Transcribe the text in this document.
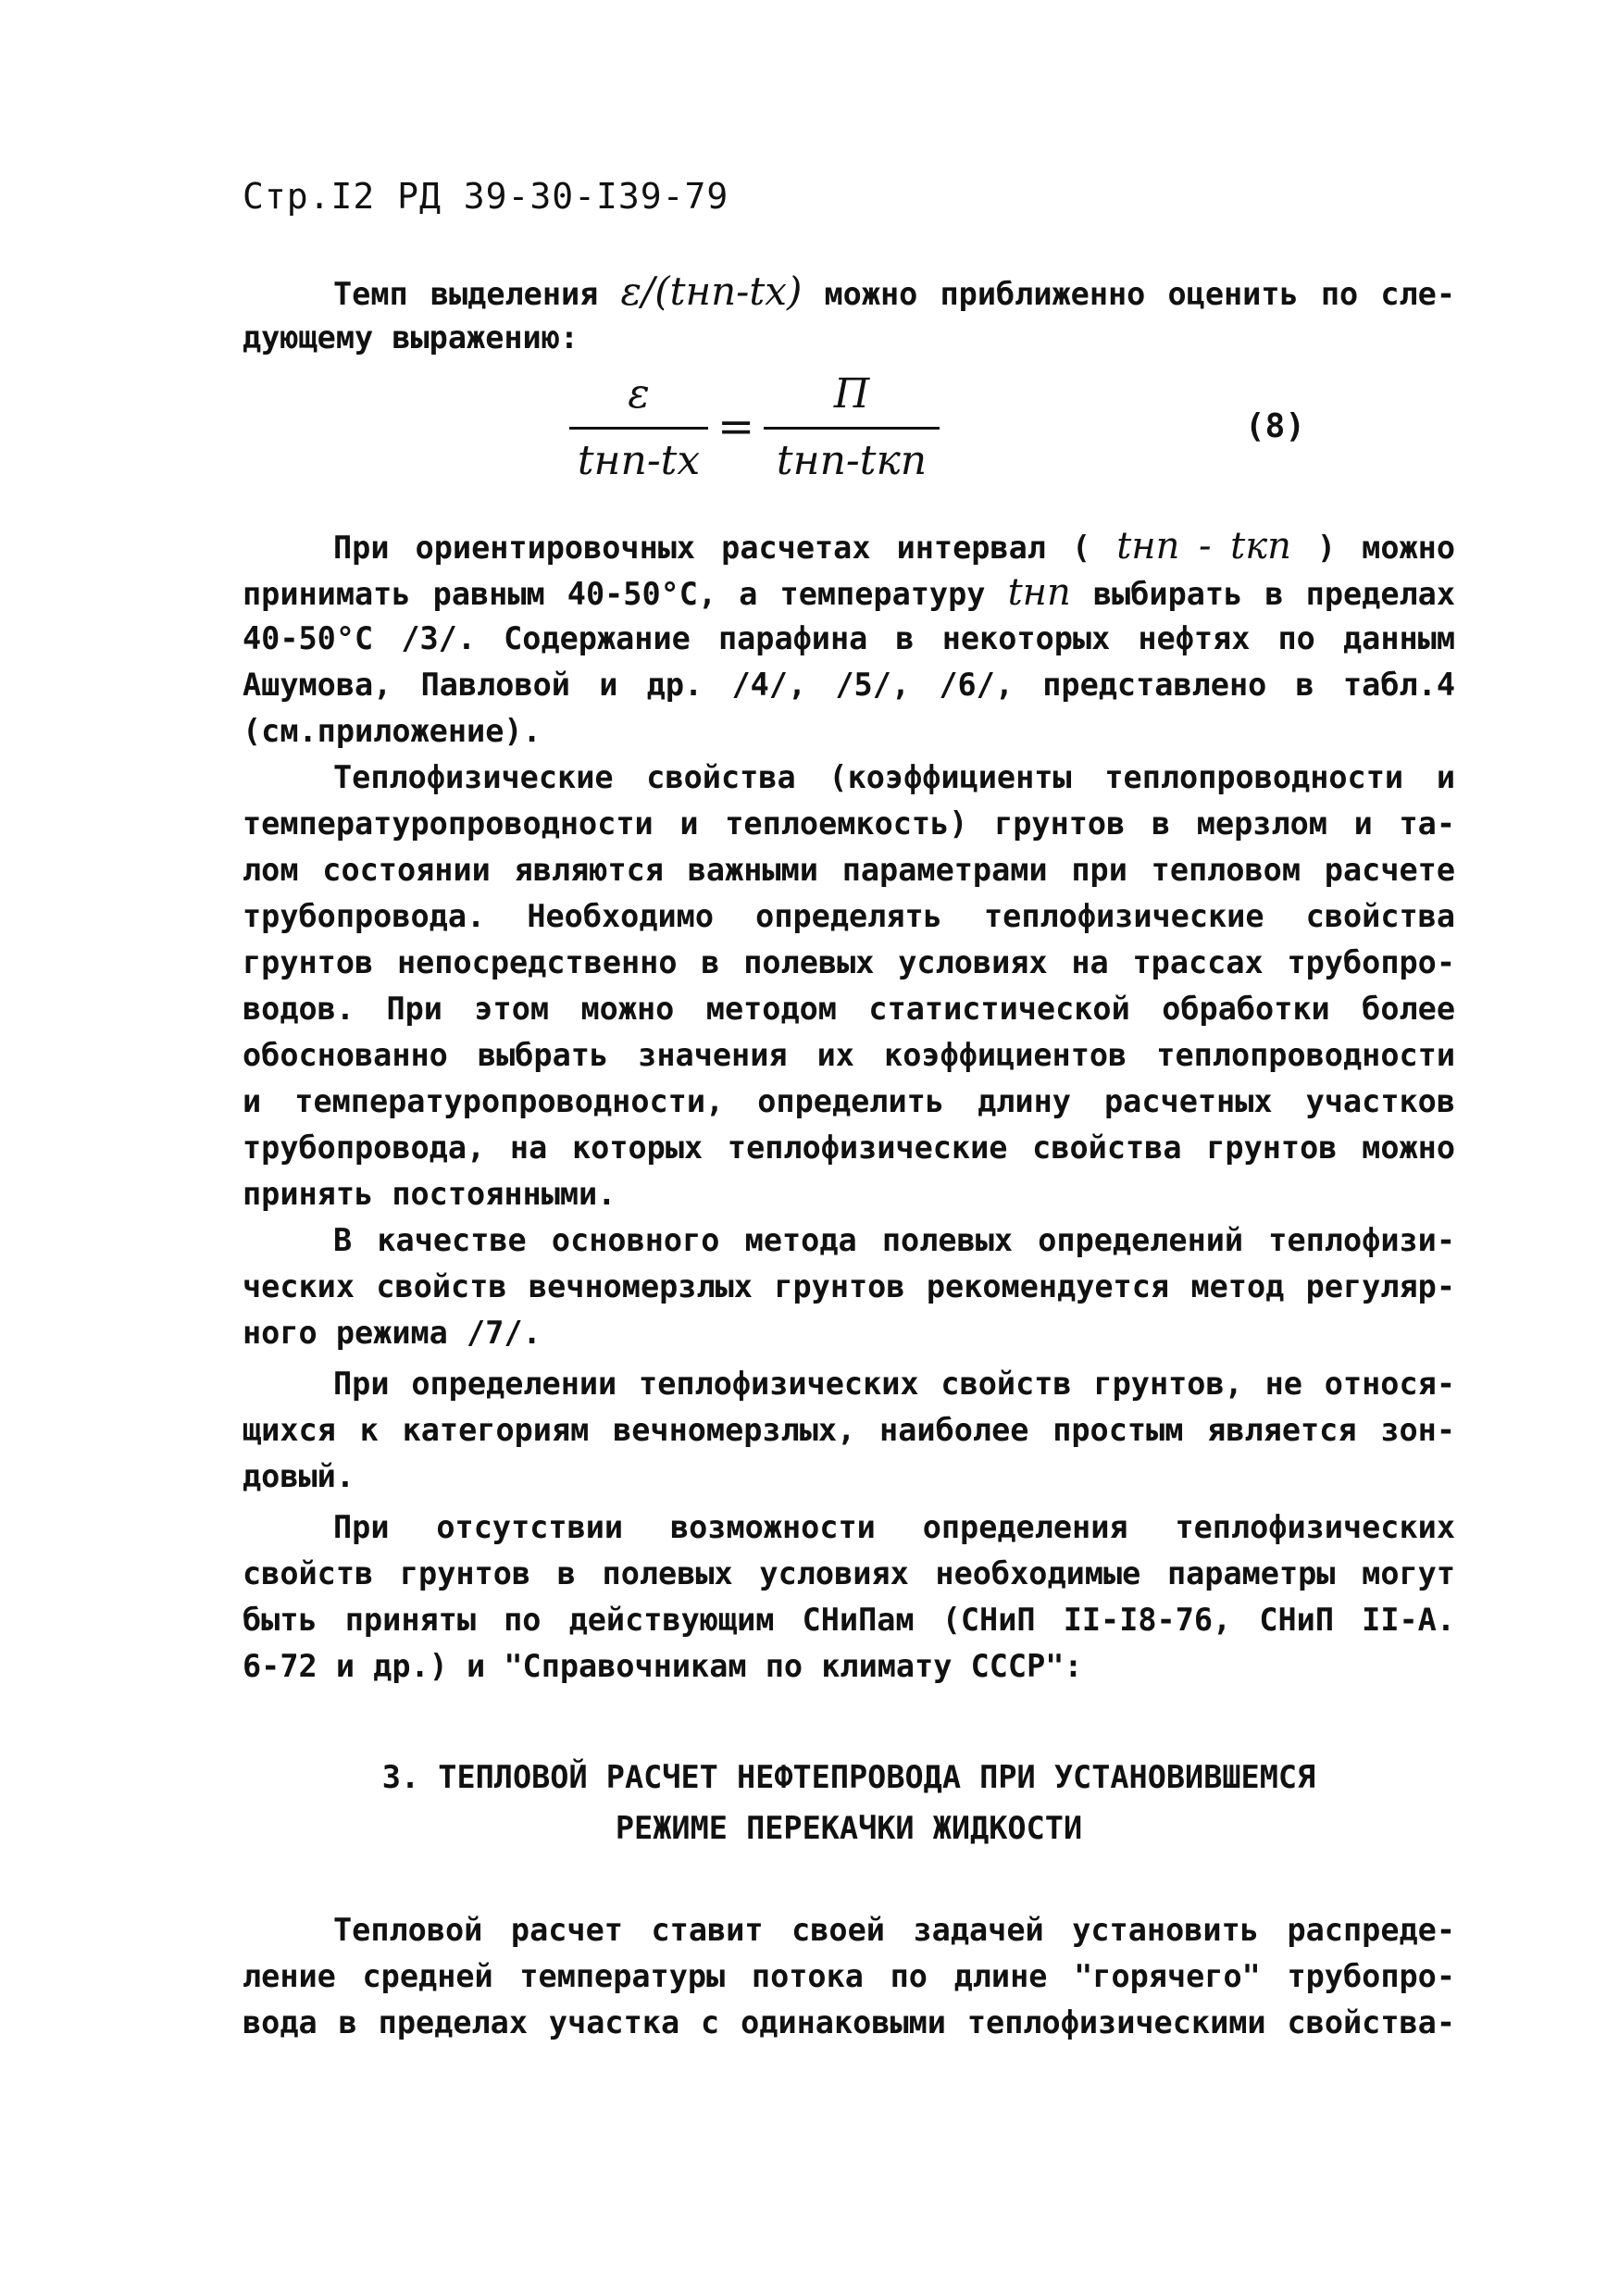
Стр.I2 РД 39-30-I39-79
Темп выделения ε/(tнп-tх) можно приближенно оценить по сле-
дующему выражению:
ε
tнп-tх
=
П
tнп-tкп
(8)
При ориентировочных расчетах интервал ( tнп - tкп ) можно
принимать равным 40-50°С, а температуру tнп выбирать в пределах
40-50°С /3/. Содержание парафина в некоторых нефтях по данным
Ашумова, Павловой и др. /4/, /5/, /6/, представлено в табл.4
(см.приложение).
Теплофизические свойства (коэффициенты теплопроводности и
температуропроводности и теплоемкость) грунтов в мерзлом и та-
лом состоянии являются важными параметрами при тепловом расчете
трубопровода. Необходимо определять теплофизические свойства
грунтов непосредственно в полевых условиях на трассах трубопро-
водов. При этом можно методом статистической обработки более
обоснованно выбрать значения их коэффициентов теплопроводности
и температуропроводности, определить длину расчетных участков
трубопровода, на которых теплофизические свойства грунтов можно
принять постоянными.
В качестве основного метода полевых определений теплофизи-
ческих свойств вечномерзлых грунтов рекомендуется метод регуляр-
ного режима /7/.
При определении теплофизических свойств грунтов, не относя-
щихся к категориям вечномерзлых, наиболее простым является зон-
довый.
При отсутствии возможности определения теплофизических
свойств грунтов в полевых условиях необходимые параметры могут
быть приняты по действующим СНиПам (СНиП II-I8-76, СНиП II-А.
6-72 и др.) и "Справочникам по климату СССР":
3. ТЕПЛОВОЙ РАСЧЕТ НЕФТЕПРОВОДА ПРИ УСТАНОВИВШЕМСЯ
РЕЖИМЕ ПЕРЕКАЧКИ ЖИДКОСТИ
Тепловой расчет ставит своей задачей установить распреде-
ление средней температуры потока по длине "горячего" трубопро-
вода в пределах участка с одинаковыми теплофизическими свойства-
